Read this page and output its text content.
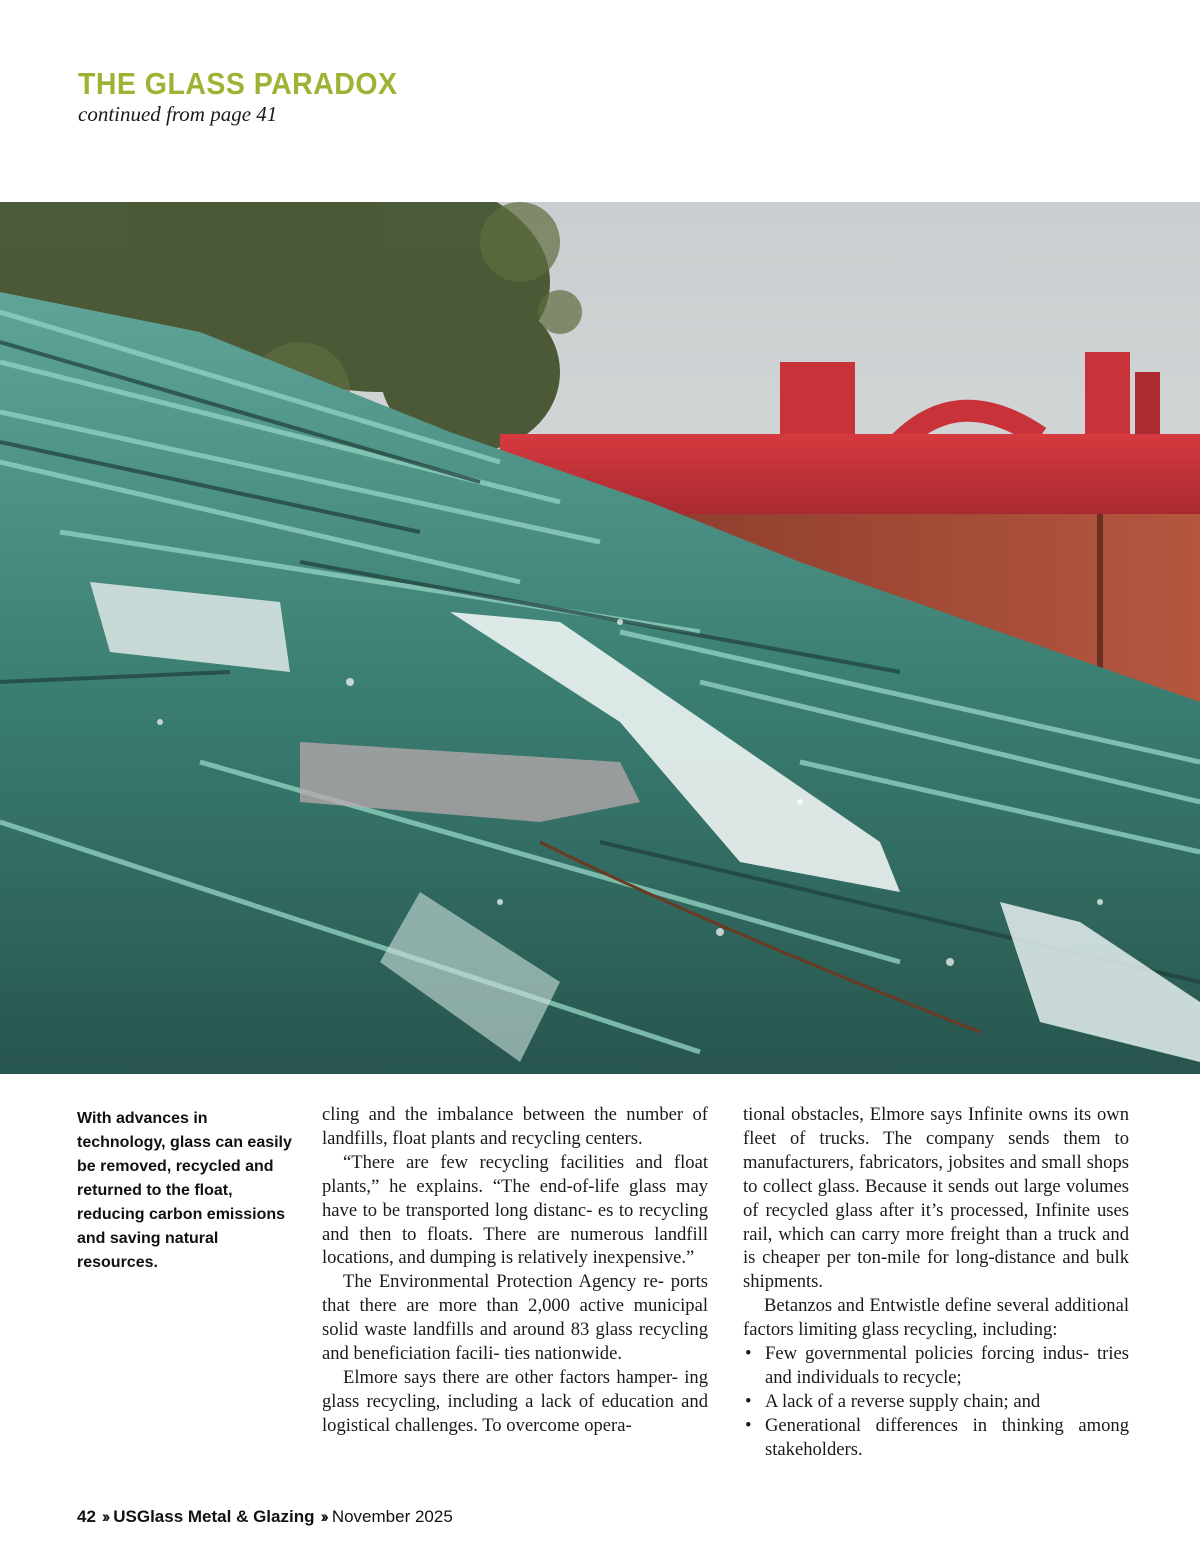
THE GLASS PARADOX
continued from page 41
With advances in technology, glass can easily be removed, recycled and returned to the float, reducing carbon emissions and saving natural resources.

cling and the imbalance between the number of landfills, float plants and recycling centers.

“There are few recycling facilities and float plants,” he explains. “The end-of-life glass may have to be transported long distanc- es to recycling and then to floats. There are numerous landfill locations, and dumping is relatively inexpensive.”

The Environmental Protection Agency re- ports that there are more than 2,000 active municipal solid waste landfills and around 83 glass recycling and beneficiation facili- ties nationwide.

Elmore says there are other factors hamper- ing glass recycling, including a lack of education and logistical challenges. To overcome opera-

tional obstacles, Elmore says Infinite owns its own fleet of trucks. The company sends them to manufacturers, fabricators, jobsites and small shops to collect glass. Because it sends out large volumes of recycled glass after it’s processed, Infinite uses rail, which can carry more freight than a truck and is cheaper per ton-mile for long-distance and bulk shipments.

Betanzos and Entwistle define several additional factors limiting glass recycling, including:

• Few governmental policies forcing indus- tries and individuals to recycle;
• A lack of a reverse supply chain; and
• Generational differences in thinking among stakeholders.
42 ›› USGlass Metal & Glazing ›› November 2025
